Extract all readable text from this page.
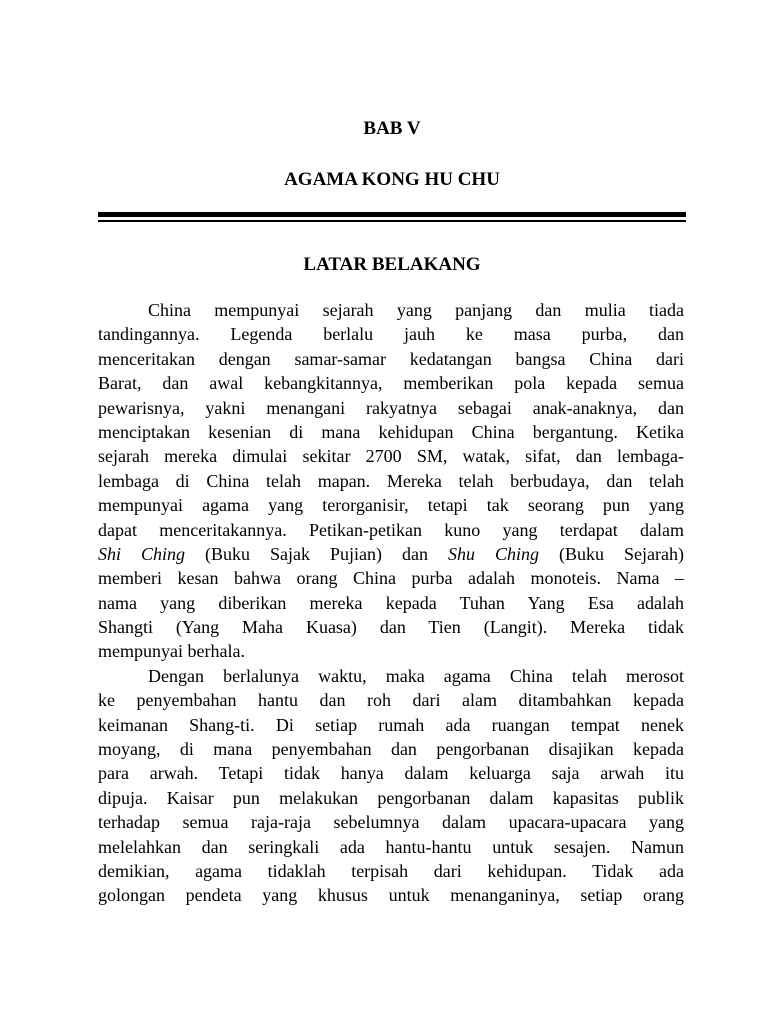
BAB V
AGAMA KONG HU CHU
LATAR BELAKANG
China mempunyai sejarah yang panjang dan mulia tiada
tandingannya. Legenda berlalu jauh ke masa purba, dan
menceritakan dengan samar-samar kedatangan bangsa China dari
Barat, dan awal kebangkitannya, memberikan pola kepada semua
pewarisnya, yakni menangani rakyatnya sebagai anak-anaknya, dan
menciptakan kesenian di mana kehidupan China bergantung. Ketika
sejarah mereka dimulai sekitar 2700 SM, watak, sifat, dan lembaga-
lembaga di China telah mapan. Mereka telah berbudaya, dan telah
mempunyai agama yang terorganisir, tetapi tak seorang pun yang
dapat menceritakannya. Petikan-petikan kuno yang terdapat dalam
Shi Ching (Buku Sajak Pujian) dan Shu Ching (Buku Sejarah)
memberi kesan bahwa orang China purba adalah monoteis. Nama –
nama yang diberikan mereka kepada Tuhan Yang Esa adalah
Shangti (Yang Maha Kuasa) dan Tien (Langit). Mereka tidak
mempunyai berhala.
Dengan berlalunya waktu, maka agama China telah merosot
ke penyembahan hantu dan roh dari alam ditambahkan kepada
keimanan Shang-ti. Di setiap rumah ada ruangan tempat nenek
moyang, di mana penyembahan dan pengorbanan disajikan kepada
para arwah. Tetapi tidak hanya dalam keluarga saja arwah itu
dipuja. Kaisar pun melakukan pengorbanan dalam kapasitas publik
terhadap semua raja-raja sebelumnya dalam upacara-upacara yang
melelahkan dan seringkali ada hantu-hantu untuk sesajen. Namun
demikian, agama tidaklah terpisah dari kehidupan. Tidak ada
golongan pendeta yang khusus untuk menanganinya, setiap orang
